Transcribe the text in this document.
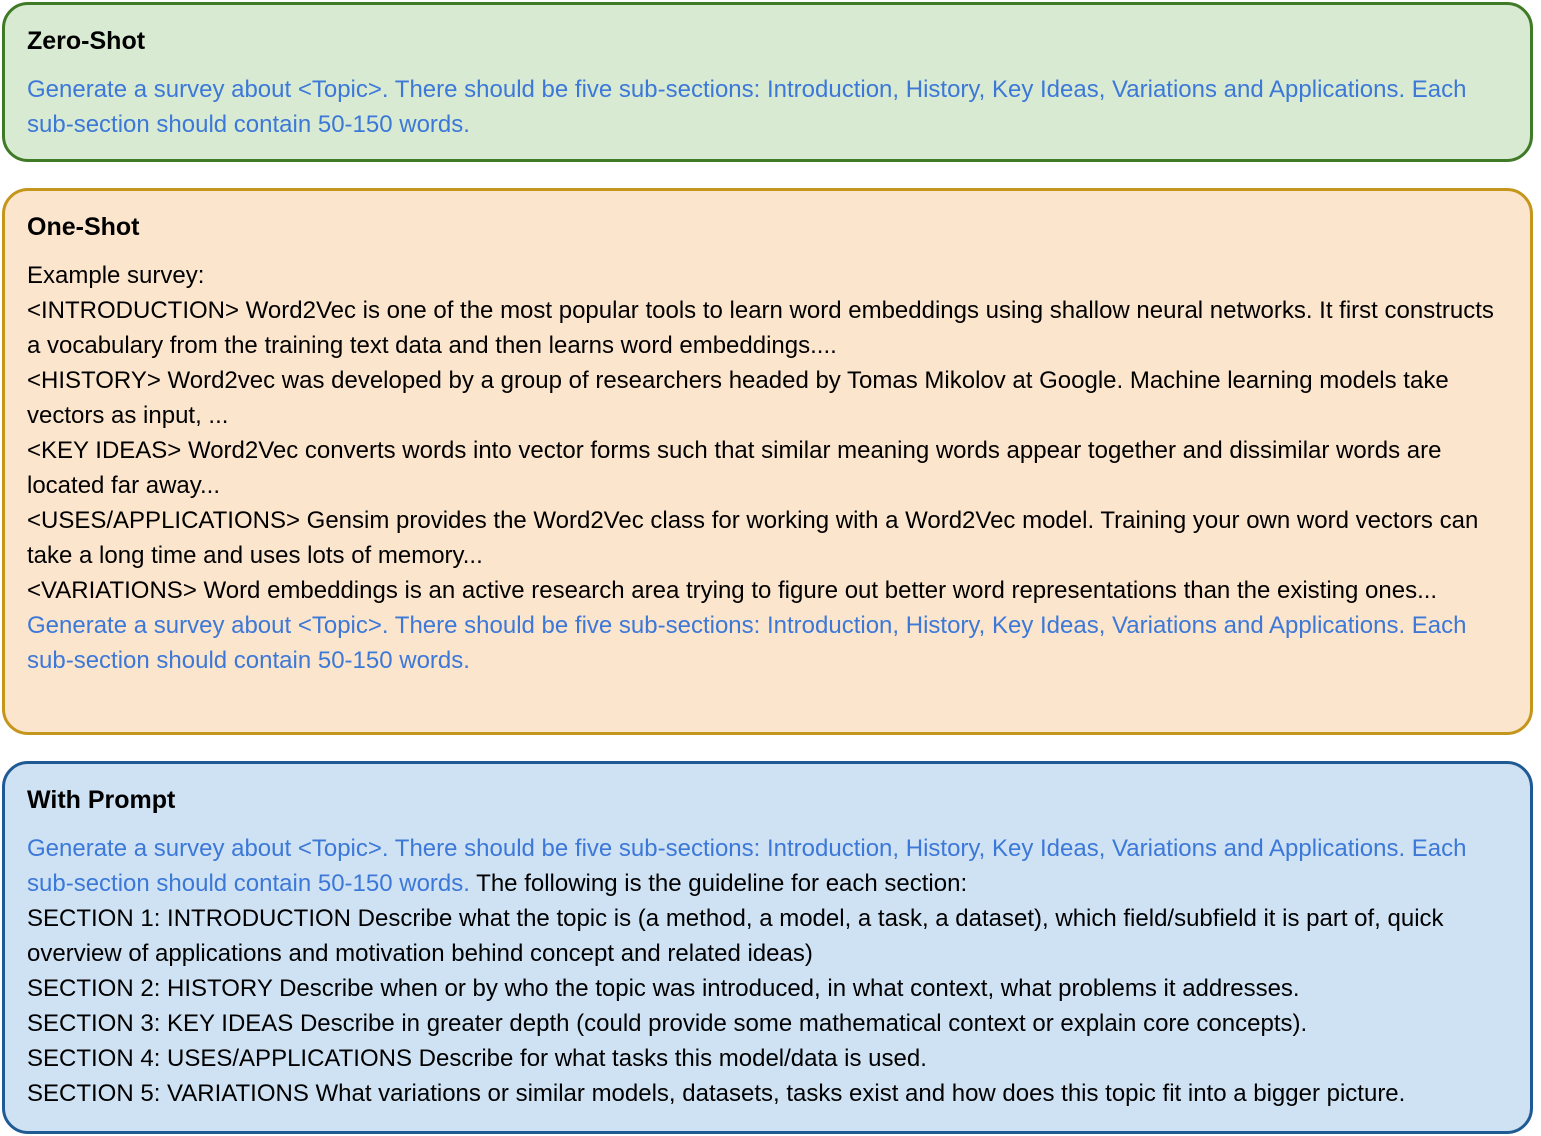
Zero-Shot
Generate a survey about <Topic>. There should be five sub-sections: Introduction, History, Key Ideas, Variations and Applications. Each sub-section should contain 50-150 words.
One-Shot
Example survey:
<INTRODUCTION> Word2Vec is one of the most popular tools to learn word embeddings using shallow neural networks. It first constructs a vocabulary from the training text data and then learns word embeddings....
<HISTORY> Word2vec was developed by a group of researchers headed by Tomas Mikolov at Google. Machine learning models take vectors as input, ...
<KEY IDEAS> Word2Vec converts words into vector forms such that similar meaning words appear together and dissimilar words are located far away...
<USES/APPLICATIONS> Gensim provides the Word2Vec class for working with a Word2Vec model. Training your own word vectors can take a long time and uses lots of memory...
<VARIATIONS> Word embeddings is an active research area trying to figure out better word representations than the existing ones...
Generate a survey about <Topic>. There should be five sub-sections: Introduction, History, Key Ideas, Variations and Applications. Each sub-section should contain 50-150 words.
With Prompt
Generate a survey about <Topic>. There should be five sub-sections: Introduction, History, Key Ideas, Variations and Applications. Each sub-section should contain 50-150 words. The following is the guideline for each section:
SECTION 1: INTRODUCTION Describe what the topic is (a method, a model, a task, a dataset), which field/subfield it is part of, quick overview of applications and motivation behind concept and related ideas)
SECTION 2: HISTORY Describe when or by who the topic was introduced, in what context, what problems it addresses.
SECTION 3: KEY IDEAS Describe in greater depth (could provide some mathematical context or explain core concepts).
SECTION 4: USES/APPLICATIONS Describe for what tasks this model/data is used.
SECTION 5: VARIATIONS What variations or similar models, datasets, tasks exist and how does this topic fit into a bigger picture.
